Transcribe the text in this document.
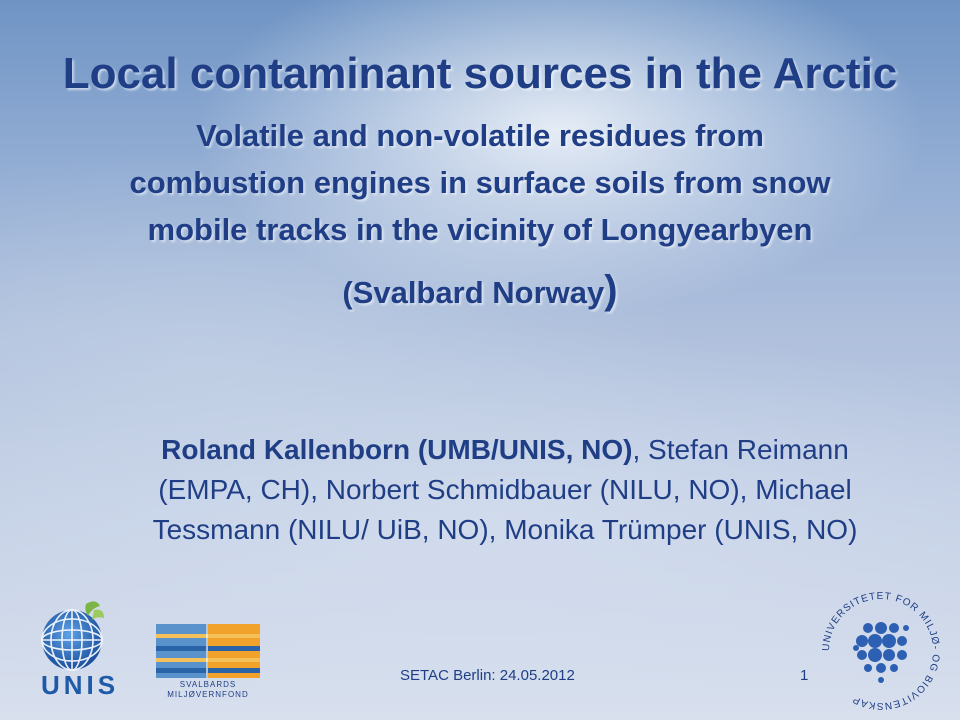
Local contaminant sources in the Arctic
Volatile and non-volatile residues from
combustion engines in surface soils from snow
mobile tracks in the vicinity of Longyearbyen
(Svalbard Norway)
Roland Kallenborn (UMB/UNIS, NO), Stefan Reimann (EMPA, CH), Norbert Schmidbauer (NILU, NO), Michael Tessmann (NILU/ UiB, NO), Monika Trümper (UNIS, NO)
UNIS	SVALBARDS
MILJØVERNFOND
SETAC Berlin: 24.05.2012	1
UNIVERSITETET FOR MILJØ- OG BIOVITENSKAP
